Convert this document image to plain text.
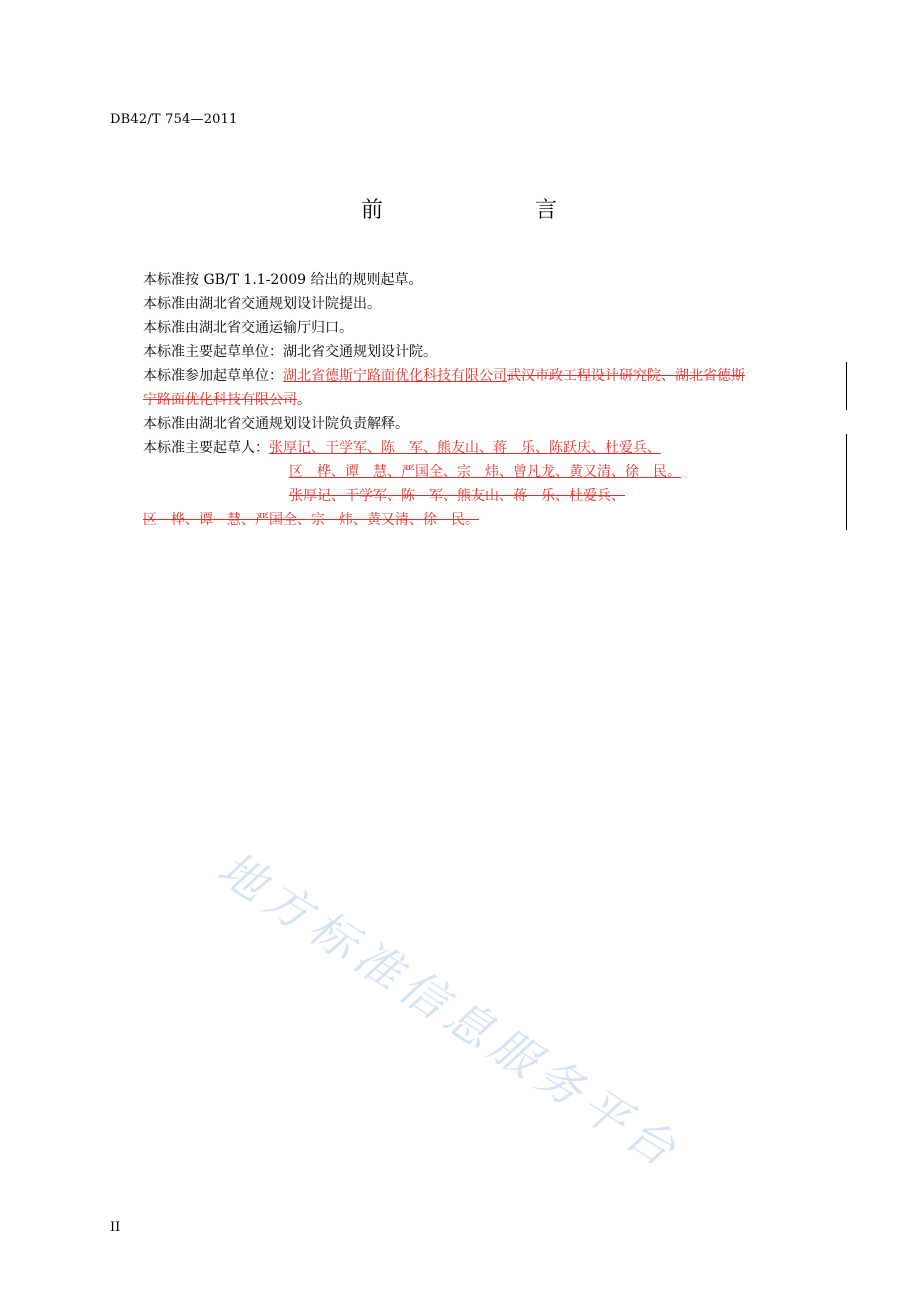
DB42/T 754—2011
前　　言
本标准按 GB/T 1.1-2009 给出的规则起草。
本标准由湖北省交通规划设计院提出。
本标准由湖北省交通运输厅归口。
本标准主要起草单位：湖北省交通规划设计院。
本标准参加起草单位：湖北省德斯宁路面优化科技有限公司武汉市政工程设计研究院、湖北省德斯
宁路面优化科技有限公司。
本标准由湖北省交通规划设计院负责解释。
本标准主要起草人：张厚记、干学军、陈　军、熊友山、蒋　乐、陈跃庆、杜爱兵、
区　桦、谭　慧、严国全、宗　炜、曾凡龙、黄又清、徐　民。
张厚记、干学军、陈　军、熊友山、蒋　乐、杜爱兵、
区　桦、谭　慧、严国全、宗　炜、黄又清、徐　民。
地方标准信息服务平台
II
